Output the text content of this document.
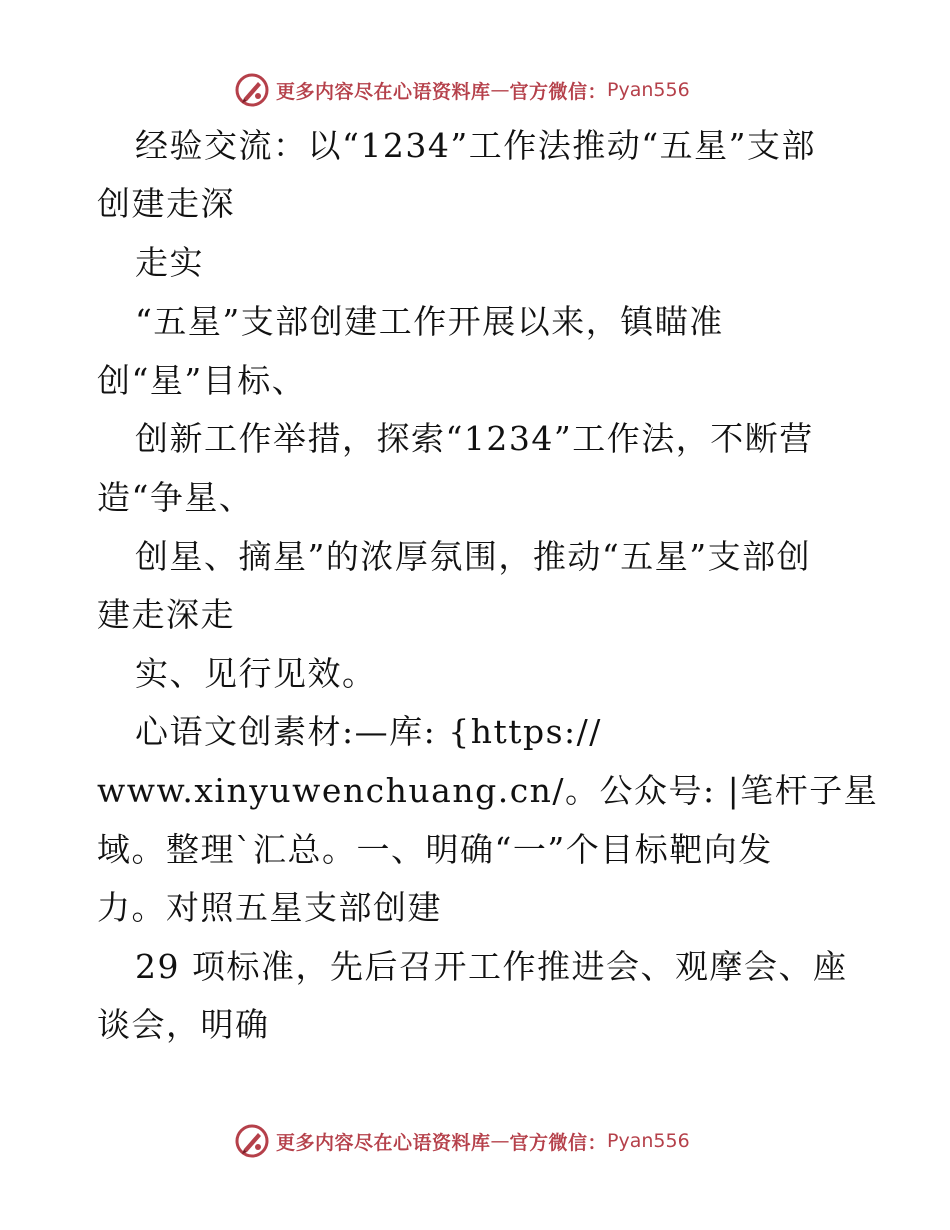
更多内容尽在心语资料库 — 官方微信： Pyan556
经验交流：以“1234”工作法推动“五星”支部
创建走深
走实
“五星”支部创建工作开展以来，镇瞄准
创“星”目标、
创新工作举措，探索“1234”工作法，不断营
造“争星、
创星、摘星”的浓厚氛围，推动“五星”支部创
建走深走
实、见行见效。
心语文创素材:—库: {https://
www.xinyuwenchuang.cn/。公众号: |笔杆子星
域。整理`汇总。一、明确“一”个目标靶向发
力。对照五星支部创建
29 项标准，先后召开工作推进会、观摩会、座
谈会，明确
更多内容尽在心语资料库 — 官方微信： Pyan556
